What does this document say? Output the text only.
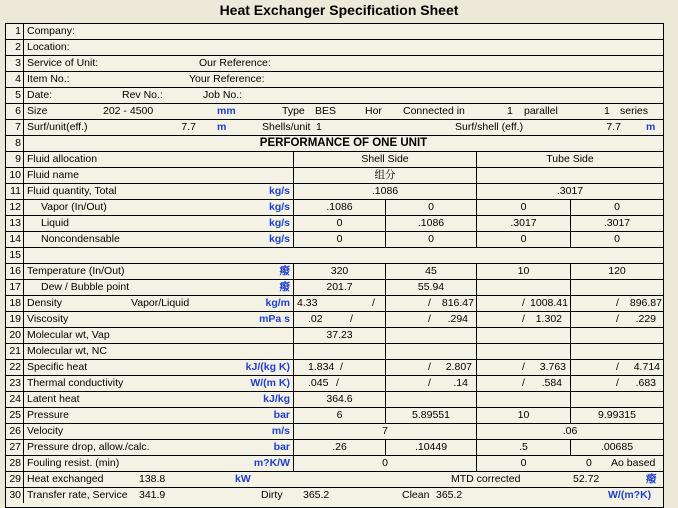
Heat Exchanger Specification Sheet
1 Company:
2 Location:
3 Service of Unit:	Our Reference:
4 Item No.:	Your Reference:
5 Date:	Rev No.:	Job No.:
6 Size	202 - 4500	mm	Type BES	Hor Connected in	1 parallel	1 series
7 Surf/unit(eff.)	7.7 m	Shells/unit 1	Surf/shell (eff.)	7.7 m
8	PERFORMANCE OF ONE UNIT
9 Fluid allocation	Shell Side	Tube Side
10 Fluid name	组分
11 Fluid quantity, Total	kg/s	.1086	.3017
12 Vapor (In/Out)	kg/s	.1086	0	0	0
13 Liquid	kg/s	0	.1086	.3017	.3017
14 Noncondensable	kg/s	0	0	0	0
15
16 Temperature (In/Out)	癈	320	45	10	120
17 Dew / Bubble point	癈	201.7	55.94
18 Density	Vapor/Liquid	kg/m 4.33	/	/	816.47	/ 1008.41	/	896.87
19 Viscosity	mPa s .02	/	/	.294	/	1.302	/	.229
20 Molecular wt, Vap	37.23
21 Molecular wt, NC
22 Specific heat	kJ/(kg K) 1.834 /	/	2.807	/	3.763	/	4.714
23 Thermal conductivity	W/(m K) .045 /	/	.14	/	.584	/	.683
24 Latent heat	kJ/kg	364.6
25 Pressure	bar	6	5.89551	10	9.99315
26 Velocity	m/s	7	.06
27 Pressure drop, allow./calc.	bar	.26	.10449	.5	.00685
28 Fouling resist. (min)	m?K/W	0	0	0 Ao based
29 Heat exchanged	138.8	kW	MTD corrected	52.72	癈
30 Transfer rate, Service 341.9	Dirty 365.2	Clean 365.2	W/(m?K)
